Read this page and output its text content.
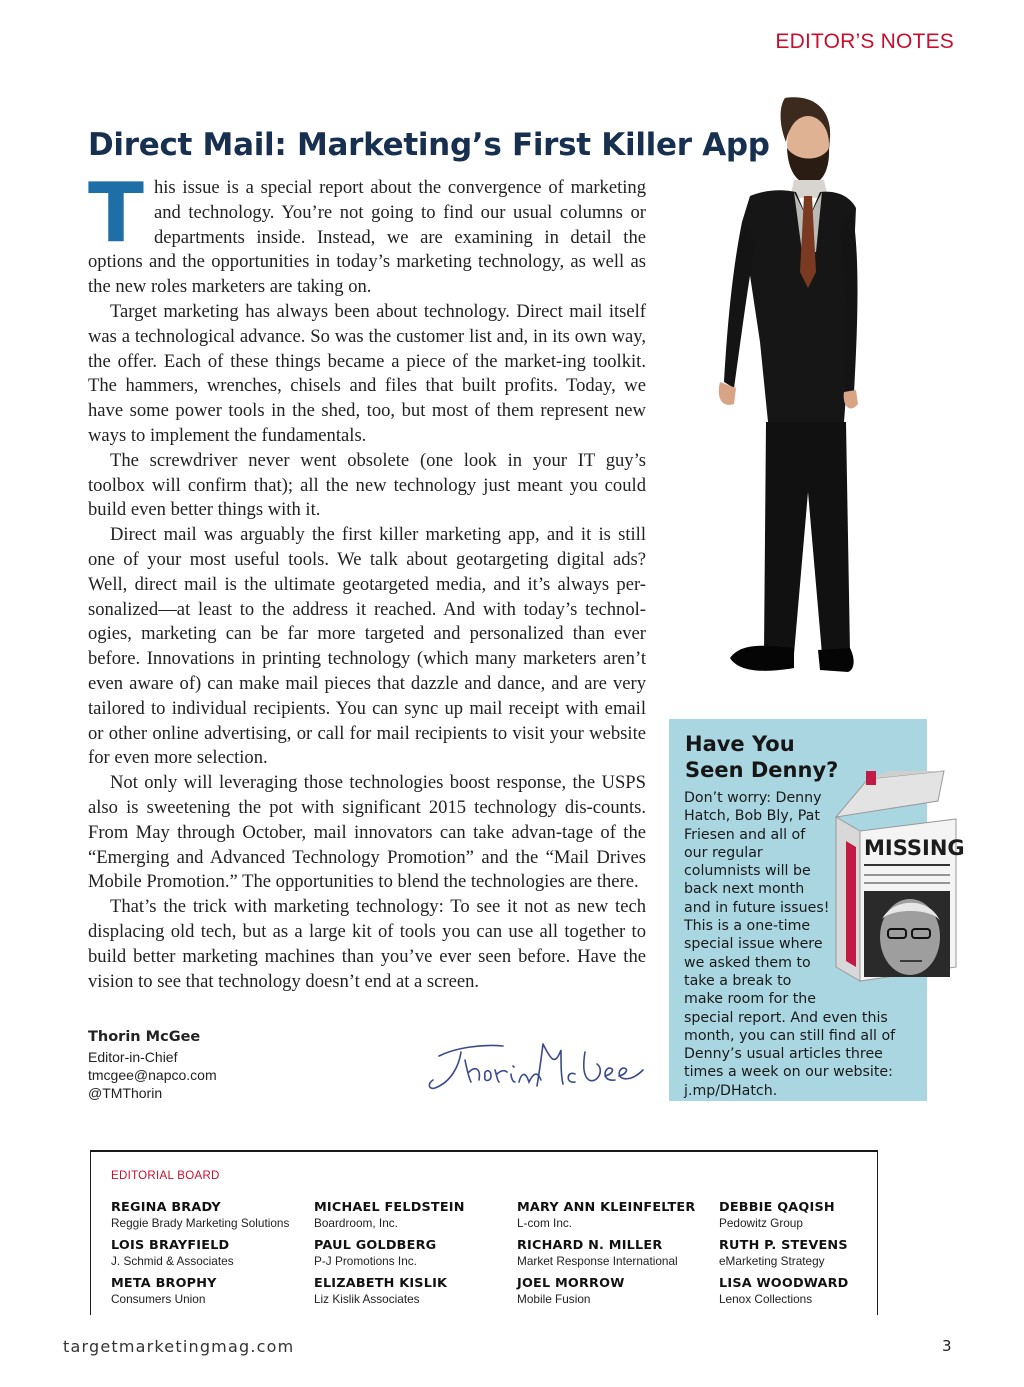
EDITOR’S NOTES
Direct Mail: Marketing’s First Killer App

This issue is a special report about the convergence of marketing and technology. You’re not going to find our usual columns or departments inside. Instead, we are examining in detail the options and the opportunities in today’s marketing technology, as well as the new roles marketers are taking on.

Target marketing has always been about technology. Direct mail itself was a technological advance. So was the customer list and, in its own way, the offer. Each of these things became a piece of the market-ing toolkit. The hammers, wrenches, chisels and files that built profits. Today, we have some power tools in the shed, too, but most of them represent new ways to implement the fundamentals.

The screwdriver never went obsolete (one look in your IT guy’s toolbox will confirm that); all the new technology just meant you could build even better things with it.

Direct mail was arguably the first killer marketing app, and it is still one of your most useful tools. We talk about geotargeting digital ads? Well, direct mail is the ultimate geotargeted media, and it’s always per-sonalized—at least to the address it reached. And with today’s technol-ogies, marketing can be far more targeted and personalized than ever before. Innovations in printing technology (which many marketers aren’t even aware of) can make mail pieces that dazzle and dance, and are very tailored to individual recipients. You can sync up mail receipt with email or other online advertising, or call for mail recipients to visit your website for even more selection.

Not only will leveraging those technologies boost response, the USPS also is sweetening the pot with significant 2015 technology dis-counts. From May through October, mail innovators can take advan-tage of the “Emerging and Advanced Technology Promotion” and the “Mail Drives Mobile Promotion.” The opportunities to blend the technologies are there.

That’s the trick with marketing technology: To see it not as new tech displacing old tech, but as a large kit of tools you can use all together to build better marketing machines than you’ve ever seen before. Have the vision to see that technology doesn’t end at a screen.

Thorin McGee
Editor-in-Chief
tmcgee@napco.com
@TMThorin
Have You
Seen Denny?
Don’t worry: Denny Hatch, Bob Bly, Pat Friesen and all of our regular columnists will be back next month and in future issues! This is a one-time special issue where we asked them to take a break to make room for the special report. And even this month, you can still find all of Denny’s usual articles three times a week on our website: j.mp/DHatch.
MISSING
EDITORIAL BOARD
REGINA BRADY
Reggie Brady Marketing Solutions
LOIS BRAYFIELD
J. Schmid & Associates
META BROPHY
Consumers Union
MICHAEL FELDSTEIN
Boardroom, Inc.
PAUL GOLDBERG
P-J Promotions Inc.
ELIZABETH KISLIK
Liz Kislik Associates
MARY ANN KLEINFELTER
L-com Inc.
RICHARD N. MILLER
Market Response International
JOEL MORROW
Mobile Fusion
DEBBIE QAQISH
Pedowitz Group
RUTH P. STEVENS
eMarketing Strategy
LISA WOODWARD
Lenox Collections
targetmarketingmag.com	3
